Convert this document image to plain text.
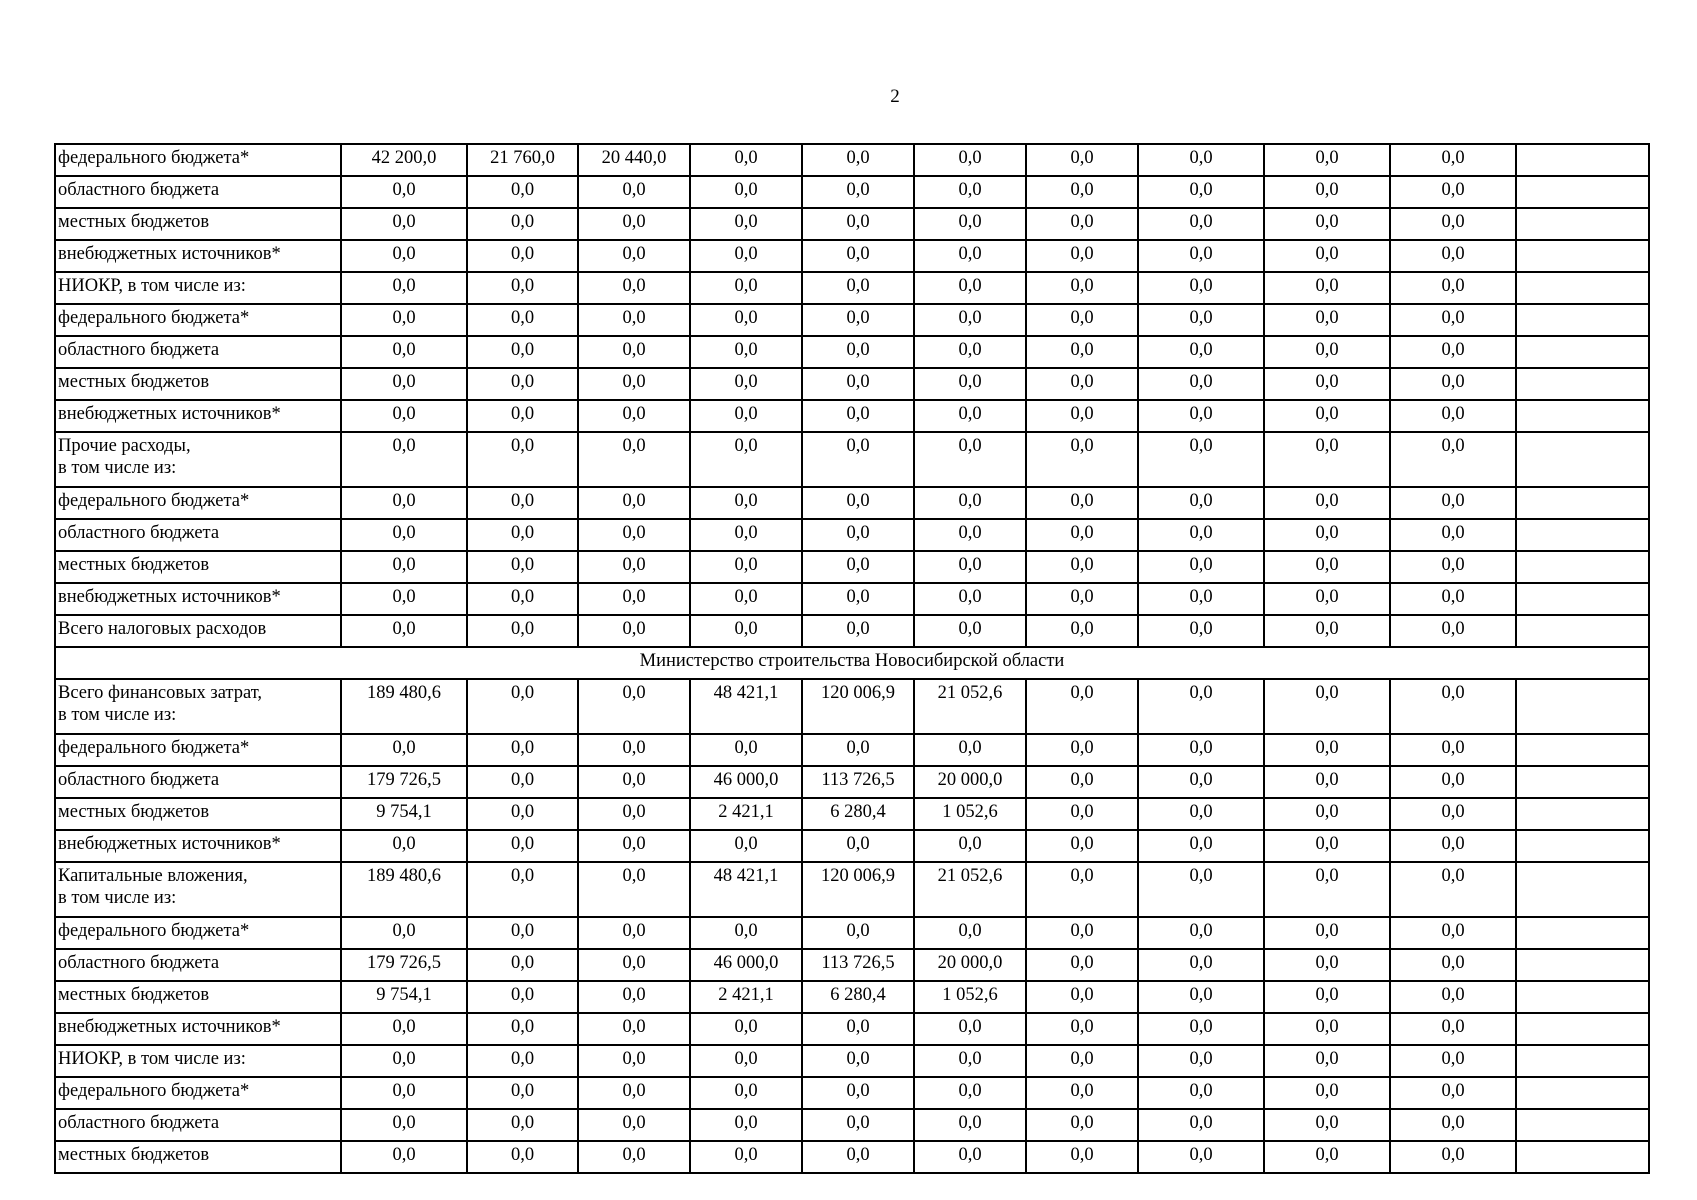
2
федерального бюджета*	42 200,0	21 760,0	20 440,0	0,0	0,0	0,0	0,0	0,0	0,0	0,0	
областного бюджета	0,0	0,0	0,0	0,0	0,0	0,0	0,0	0,0	0,0	0,0	
местных бюджетов	0,0	0,0	0,0	0,0	0,0	0,0	0,0	0,0	0,0	0,0	
внебюджетных источников*	0,0	0,0	0,0	0,0	0,0	0,0	0,0	0,0	0,0	0,0	
НИОКР, в том числе из:	0,0	0,0	0,0	0,0	0,0	0,0	0,0	0,0	0,0	0,0	
федерального бюджета*	0,0	0,0	0,0	0,0	0,0	0,0	0,0	0,0	0,0	0,0	
областного бюджета	0,0	0,0	0,0	0,0	0,0	0,0	0,0	0,0	0,0	0,0	
местных бюджетов	0,0	0,0	0,0	0,0	0,0	0,0	0,0	0,0	0,0	0,0	
внебюджетных источников*	0,0	0,0	0,0	0,0	0,0	0,0	0,0	0,0	0,0	0,0	
Прочие расходы,
в том числе из:	0,0	0,0	0,0	0,0	0,0	0,0	0,0	0,0	0,0	0,0	
федерального бюджета*	0,0	0,0	0,0	0,0	0,0	0,0	0,0	0,0	0,0	0,0	
областного бюджета	0,0	0,0	0,0	0,0	0,0	0,0	0,0	0,0	0,0	0,0	
местных бюджетов	0,0	0,0	0,0	0,0	0,0	0,0	0,0	0,0	0,0	0,0	
внебюджетных источников*	0,0	0,0	0,0	0,0	0,0	0,0	0,0	0,0	0,0	0,0	
Всего налоговых расходов	0,0	0,0	0,0	0,0	0,0	0,0	0,0	0,0	0,0	0,0	
Министерство строительства Новосибирской области											
Всего финансовых затрат,
в том числе из:	189 480,6	0,0	0,0	48 421,1	120 006,9	21 052,6	0,0	0,0	0,0	0,0	
федерального бюджета*	0,0	0,0	0,0	0,0	0,0	0,0	0,0	0,0	0,0	0,0	
областного бюджета	179 726,5	0,0	0,0	46 000,0	113 726,5	20 000,0	0,0	0,0	0,0	0,0	
местных бюджетов	9 754,1	0,0	0,0	2 421,1	6 280,4	1 052,6	0,0	0,0	0,0	0,0	
внебюджетных источников*	0,0	0,0	0,0	0,0	0,0	0,0	0,0	0,0	0,0	0,0	
Капитальные вложения,
в том числе из:	189 480,6	0,0	0,0	48 421,1	120 006,9	21 052,6	0,0	0,0	0,0	0,0	
федерального бюджета*	0,0	0,0	0,0	0,0	0,0	0,0	0,0	0,0	0,0	0,0	
областного бюджета	179 726,5	0,0	0,0	46 000,0	113 726,5	20 000,0	0,0	0,0	0,0	0,0	
местных бюджетов	9 754,1	0,0	0,0	2 421,1	6 280,4	1 052,6	0,0	0,0	0,0	0,0	
внебюджетных источников*	0,0	0,0	0,0	0,0	0,0	0,0	0,0	0,0	0,0	0,0	
НИОКР, в том числе из:	0,0	0,0	0,0	0,0	0,0	0,0	0,0	0,0	0,0	0,0	
федерального бюджета*	0,0	0,0	0,0	0,0	0,0	0,0	0,0	0,0	0,0	0,0	
областного бюджета	0,0	0,0	0,0	0,0	0,0	0,0	0,0	0,0	0,0	0,0	
местных бюджетов	0,0	0,0	0,0	0,0	0,0	0,0	0,0	0,0	0,0	0,0	
